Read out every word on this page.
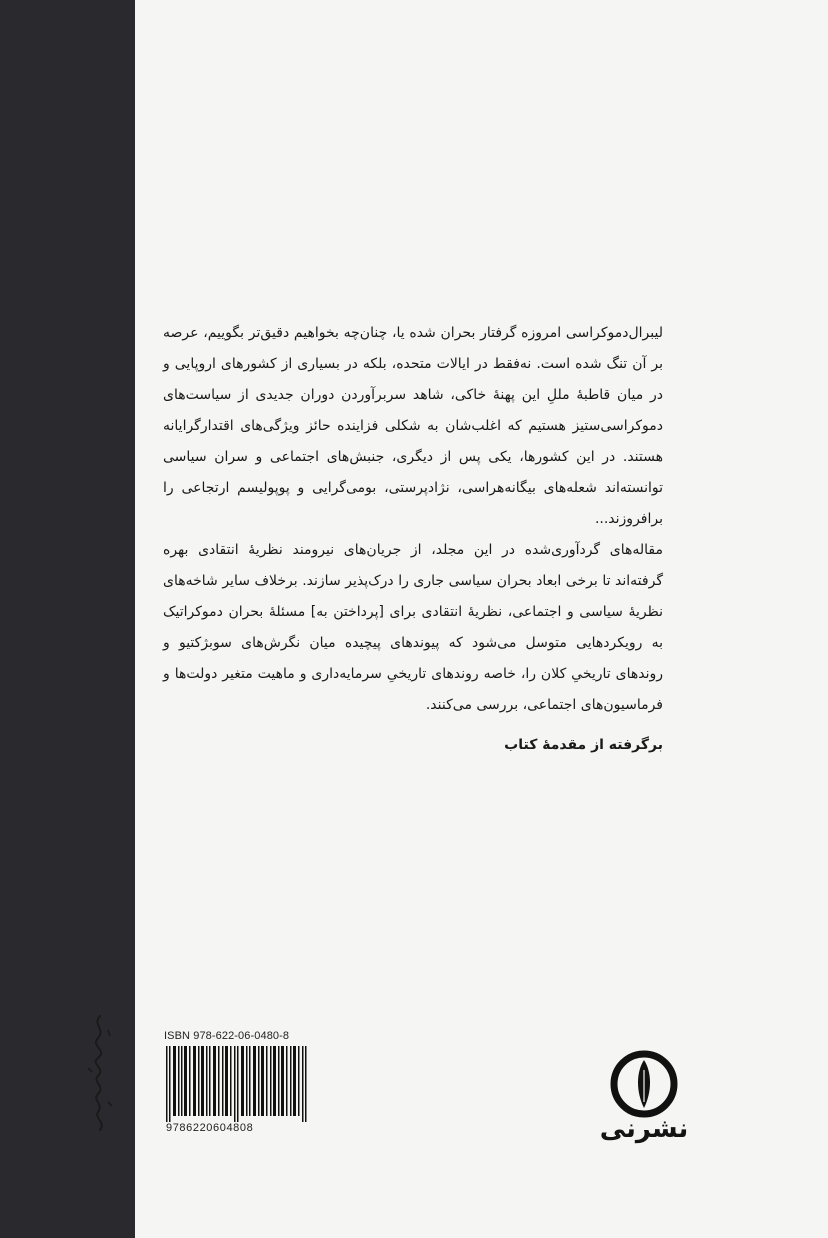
لیبرال‌دموکراسی امروزه گرفتار بحران شده یا، چنان‌چه بخواهیم دقیق‌تر بگوییم، عرصه بر آن تنگ شده است. نه‌فقط در ایالات متحده، بلکه در بسیاری از کشورهای اروپایی و در میان قاطبهٔ مللِ این پهنهٔ خاکی، شاهد سربرآوردن دوران جدیدی از سیاست‌های دموکراسی‌ستیز هستیم که اغلب‌شان به شکلی فزاینده حائز ویژگی‌های اقتدارگرایانه هستند. در این کشورها، یکی پس از دیگری، جنبش‌های اجتماعی و سران سیاسی توانسته‌اند شعله‌های بیگانه‌هراسی، نژادپرستی، بومی‌گرایی و پوپولیسم ارتجاعی را برافروزند...

مقاله‌های گردآوری‌شده در این مجلد، از جریان‌های نیرومند نظریهٔ انتقادی بهره گرفته‌اند تا برخی ابعاد بحران سیاسی جاری را درک‌پذیر سازند. برخلاف سایر شاخه‌های نظریهٔ سیاسی و اجتماعی، نظریهٔ انتقادی برای [پرداختن به] مسئلهٔ بحران دموکراتیک به رویکردهایی متوسل می‌شود که پیوندهای پیچیده میان نگرش‌های سوبژکتیو و روندهای تاریخیِ کلان را، خاصه روندهای تاریخیِ سرمایه‌داری و ماهیت متغیر دولت‌ها و فرماسیون‌های اجتماعی، بررسی می‌کنند.

برگرفته از مقدمهٔ کتاب
ISBN 978-622-06-0480-8
9786220604808	نشرنی
